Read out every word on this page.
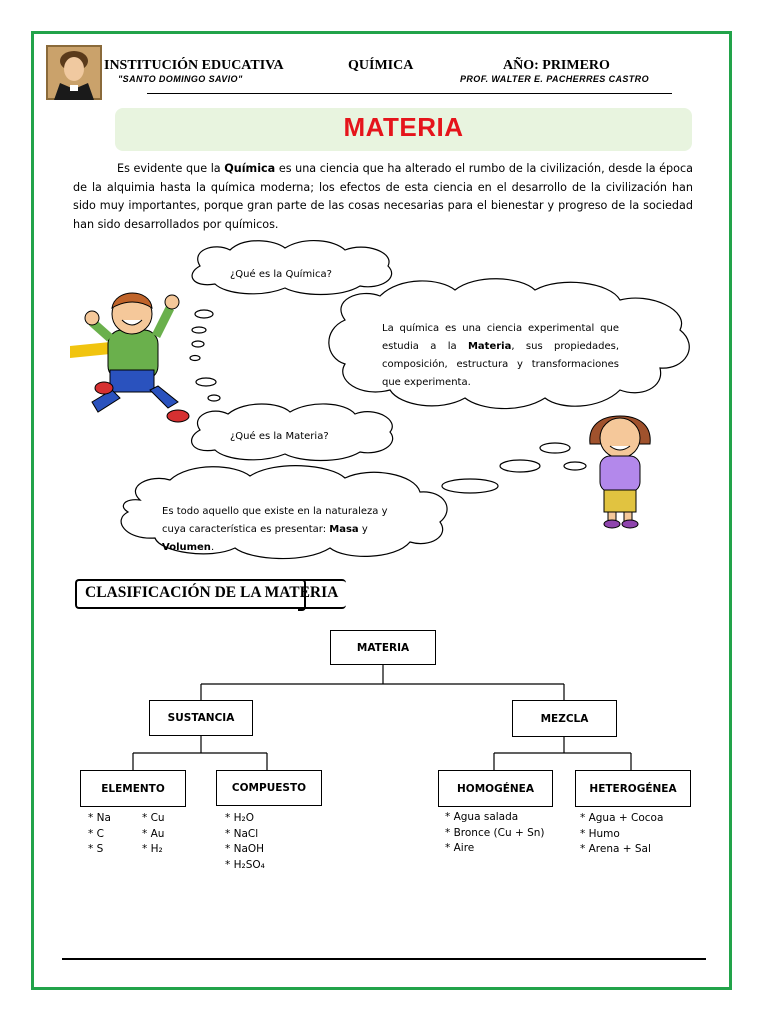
INSTITUCIÓN EDUCATIVA
"SANTO DOMINGO SAVIO"
QUÍMICA	AÑO: PRIMERO
PROF. WALTER E. PACHERRES CASTRO
MATERIA
Es evidente que la Química es una ciencia que ha alterado el rumbo de la civilización, desde la época de la alquimia hasta la química moderna; los efectos de esta ciencia en el desarrollo de la civilización han sido muy importantes, porque gran parte de las cosas necesarias para el bienestar y progreso de la sociedad han sido desarrollados por químicos.
¿Qué es la Química?
La química es una ciencia experimental que estudia a la Materia, sus propiedades, composición, estructura y transformaciones que experimenta.
¿Qué es la Materia?
Es todo aquello que existe en la naturaleza y cuya característica es presentar: Masa y Volumen.
CLASIFICACIÓN DE LA MATERIA
MATERIA
SUSTANCIA	MEZCLA
ELEMENTO	COMPUESTO	HOMOGÉNEA	HETEROGÉNEA
* Na
* C
* S
* Cu
* Au
* H₂
* H₂O
* NaCl
* NaOH
* H₂SO₄
* Agua salada
* Bronce (Cu + Sn)
* Aire
* Agua + Cocoa
* Humo
* Arena + Sal
